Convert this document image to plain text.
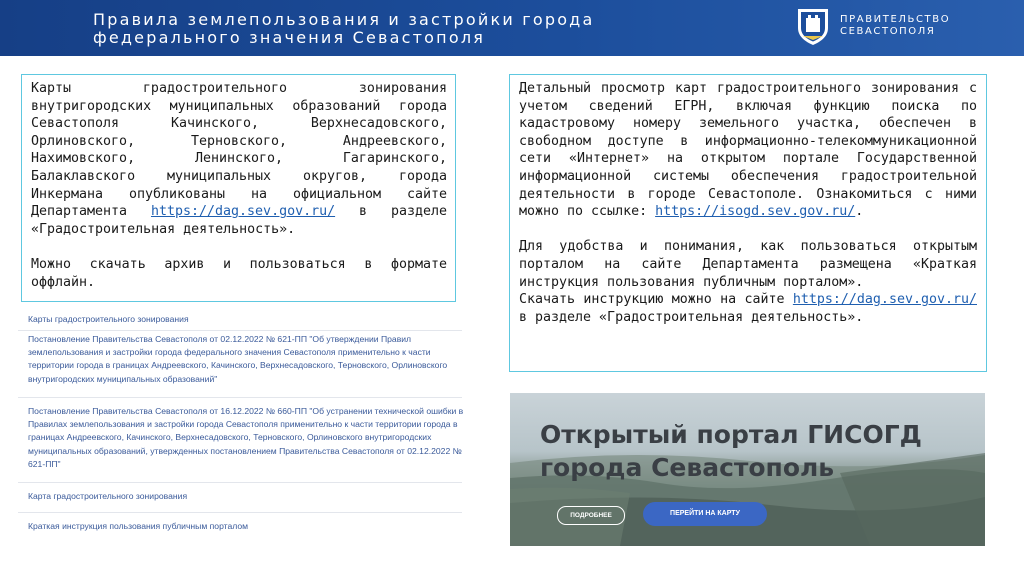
Правила землепользования и застройки города
федерального значения Севастополя
ПРАВИТЕЛЬСТВО
СЕВАСТОПОЛЯ

Карты градостроительного зонирования внутригородских муниципальных образований города Севастополя Качинского, Верхнесадовского, Орлиновского, Терновского, Андреевского, Нахимовского, Ленинского, Гагаринского, Балаклавского муниципальных округов, города Инкермана опубликованы на официальном сайте Департамента https://dag.sev.gov.ru/ в разделе «Градостроительная деятельность».

Можно скачать архив и пользоваться в формате оффлайн.

Детальный просмотр карт градостроительного зонирования с учетом сведений ЕГРН, включая функцию поиска по кадастровому номеру земельного участка, обеспечен в свободном доступе в информационно-телекоммуникационной сети «Интернет» на открытом портале Государственной информационной системы обеспечения градостроительной деятельности в городе Севастополе. Ознакомиться с ними можно по ссылке: https://isogd.sev.gov.ru/.

Для удобства и понимания, как пользоваться открытым порталом на сайте Департамента размещена «Краткая инструкция пользования публичным порталом».

Скачать инструкцию можно на сайте https://dag.sev.gov.ru/ в разделе «Градостроительная деятельность».

Карты градостроительного зонирования
Постановление Правительства Севастополя от 02.12.2022 № 621-ПП "Об утверждении Правил землепользования и застройки города федерального значения Севастополя применительно к части территории города в границах Андреевского, Качинского, Верхнесадовского, Терновского, Орлиновского внутригородских муниципальных образований"
Постановление Правительства Севастополя от 16.12.2022 № 660-ПП "Об устранении технической ошибки в Правилах землепользования и застройки города Севастополя применительно к части территории города в границах Андреевского, Качинского, Верхнесадовского, Терновского, Орлиновского внутригородских муниципальных образований, утвержденных постановлением Правительства Севастополя от 02.12.2022 № 621-ПП"
Карта градостроительного зонирования
Краткая инструкция пользования публичным порталом
Открытый портал ГИСОГД
города Севастополь
ПОДРОБНЕЕ	ПЕРЕЙТИ НА КАРТУ
